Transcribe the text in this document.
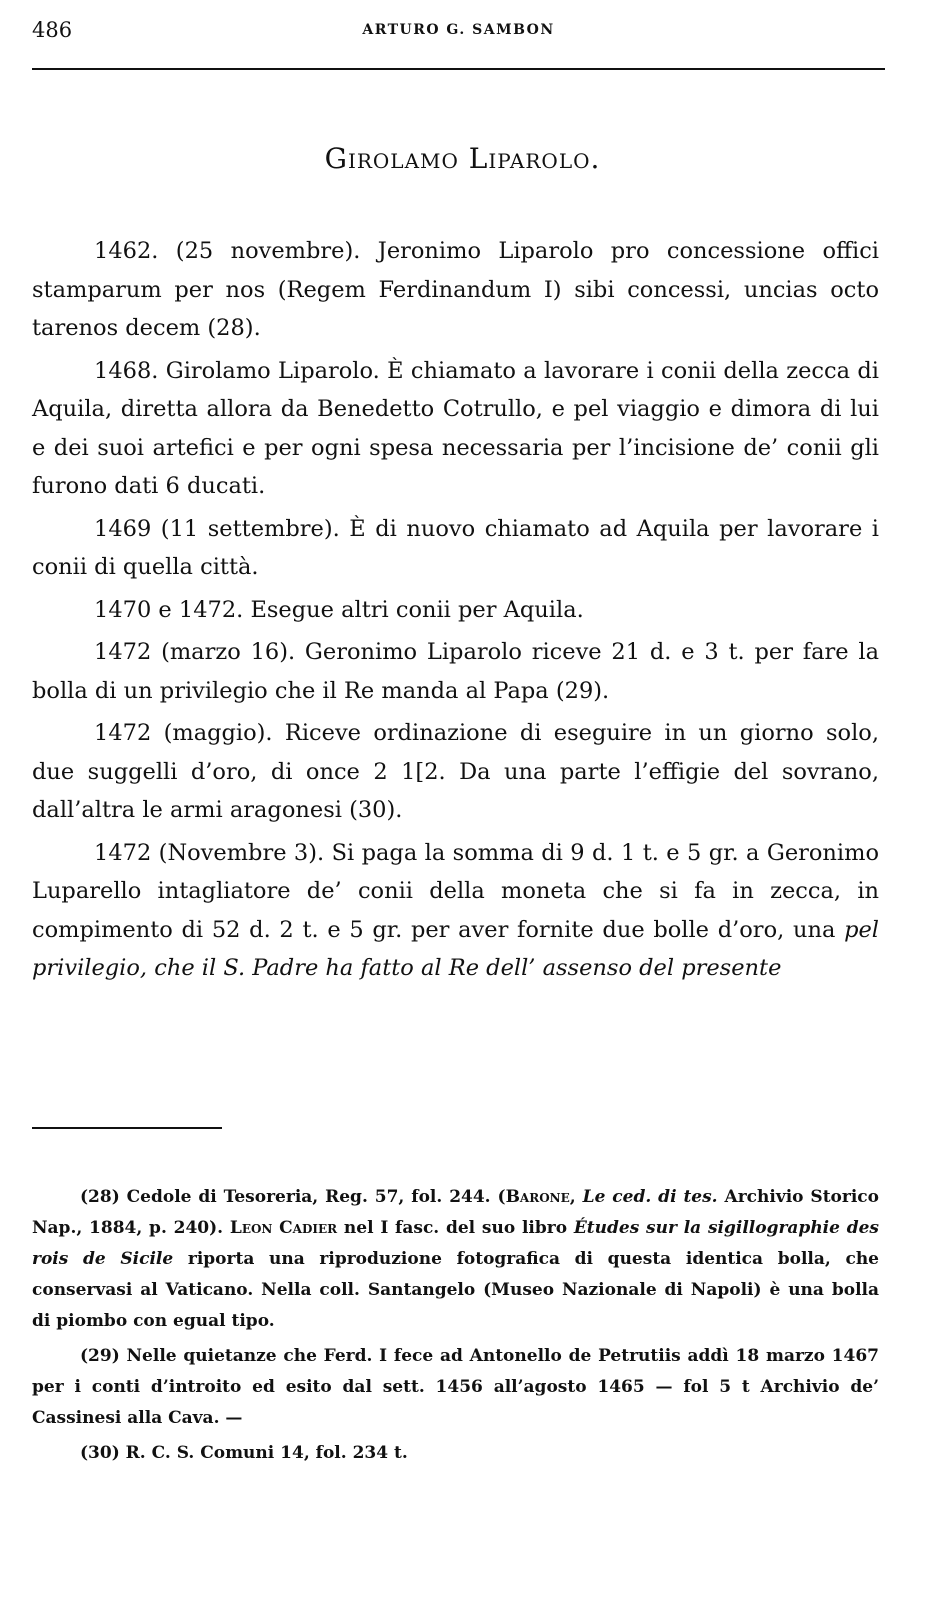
486	ARTURO G. SAMBON
Girolamo Liparolo.

1462. (25 novembre). Jeronimo Liparolo pro concessione offici stamparum per nos (Regem Ferdinandum I) sibi concessi, uncias octo tarenos decem (28).

1468. Girolamo Liparolo. È chiamato a lavorare i conii della zecca di Aquila, diretta allora da Benedetto Cotrullo, e pel viaggio e dimora di lui e dei suoi artefici e per ogni spesa necessaria per l’incisione de’ conii gli furono dati 6 ducati.

1469 (11 settembre). È di nuovo chiamato ad Aquila per lavorare i conii di quella città.

1470 e 1472. Esegue altri conii per Aquila.

1472 (marzo 16). Geronimo Liparolo riceve 21 d. e 3 t. per fare la bolla di un privilegio che il Re manda al Papa (29).

1472 (maggio). Riceve ordinazione di eseguire in un giorno solo, due suggelli d’oro, di once 2 1[2. Da una parte l’effigie del sovrano, dall’altra le armi aragonesi (30).

1472 (Novembre 3). Si paga la somma di 9 d. 1 t. e 5 gr. a Geronimo Luparello intagliatore de’ conii della moneta che si fa in zecca, in compimento di 52 d. 2 t. e 5 gr. per aver fornite due bolle d’oro, una pel privilegio, che il S. Padre ha fatto al Re dell’ assenso del presente

(28) Cedole di Tesoreria, Reg. 57, fol. 244. (Barone, Le ced. di tes. Archivio Storico Nap., 1884, p. 240). Leon Cadier nel I fasc. del suo libro Études sur la sigillographie des rois de Sicile riporta una riproduzione fotografica di questa identica bolla, che conservasi al Vaticano. Nella coll. Santangelo (Museo Nazionale di Napoli) è una bolla di piombo con egual tipo.

(29) Nelle quietanze che Ferd. I fece ad Antonello de Petrutiis addì 18 marzo 1467 per i conti d’introito ed esito dal sett. 1456 all’agosto 1465 — fol 5 t Archivio de’ Cassinesi alla Cava. —

(30) R. C. S. Comuni 14, fol. 234 t.
